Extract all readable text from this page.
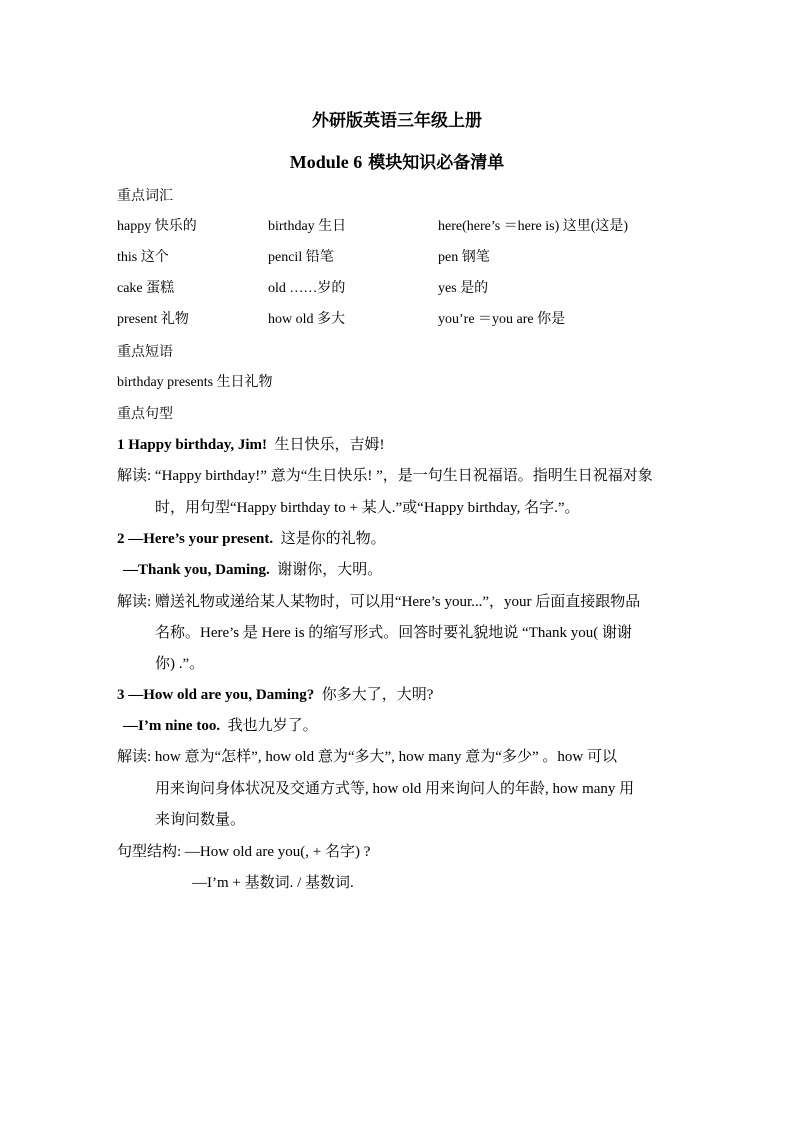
外研版英语三年级上册
Module 6 模块知识必备清单
重点词汇
happy 快乐的	birthday 生日	here(here’s ＝here is) 这里(这是)
this 这个	pencil 铅笔	pen 钢笔
cake 蛋糕	old ……岁的	yes 是的
present 礼物	how old 多大	you’re ＝you are 你是
重点短语
birthday presents 生日礼物
重点句型
1 Happy birthday, Jim! 生日快乐，吉姆!
解读: “Happy birthday!” 意为“生日快乐! ”，是一句生日祝福语。指明生日祝福对象
时，用句型“Happy birthday to + 某人.”或“Happy birthday, 名字.”。
2 —Here’s your present. 这是你的礼物。
—Thank you, Daming. 谢谢你，大明。
解读: 赠送礼物或递给某人某物时，可以用“Here’s your...”，your 后面直接跟物品
名称。Here’s 是 Here is 的缩写形式。回答时要礼貌地说 “Thank you( 谢谢
你) .”。
3 —How old are you, Daming? 你多大了，大明?
—I’m nine too. 我也九岁了。
解读: how 意为“怎样”, how old 意为“多大”, how many 意为“多少” 。how 可以
用来询问身体状况及交通方式等, how old 用来询问人的年龄, how many 用
来询问数量。
句型结构: —How old are you(, + 名字) ?
—I’m + 基数词. / 基数词.
